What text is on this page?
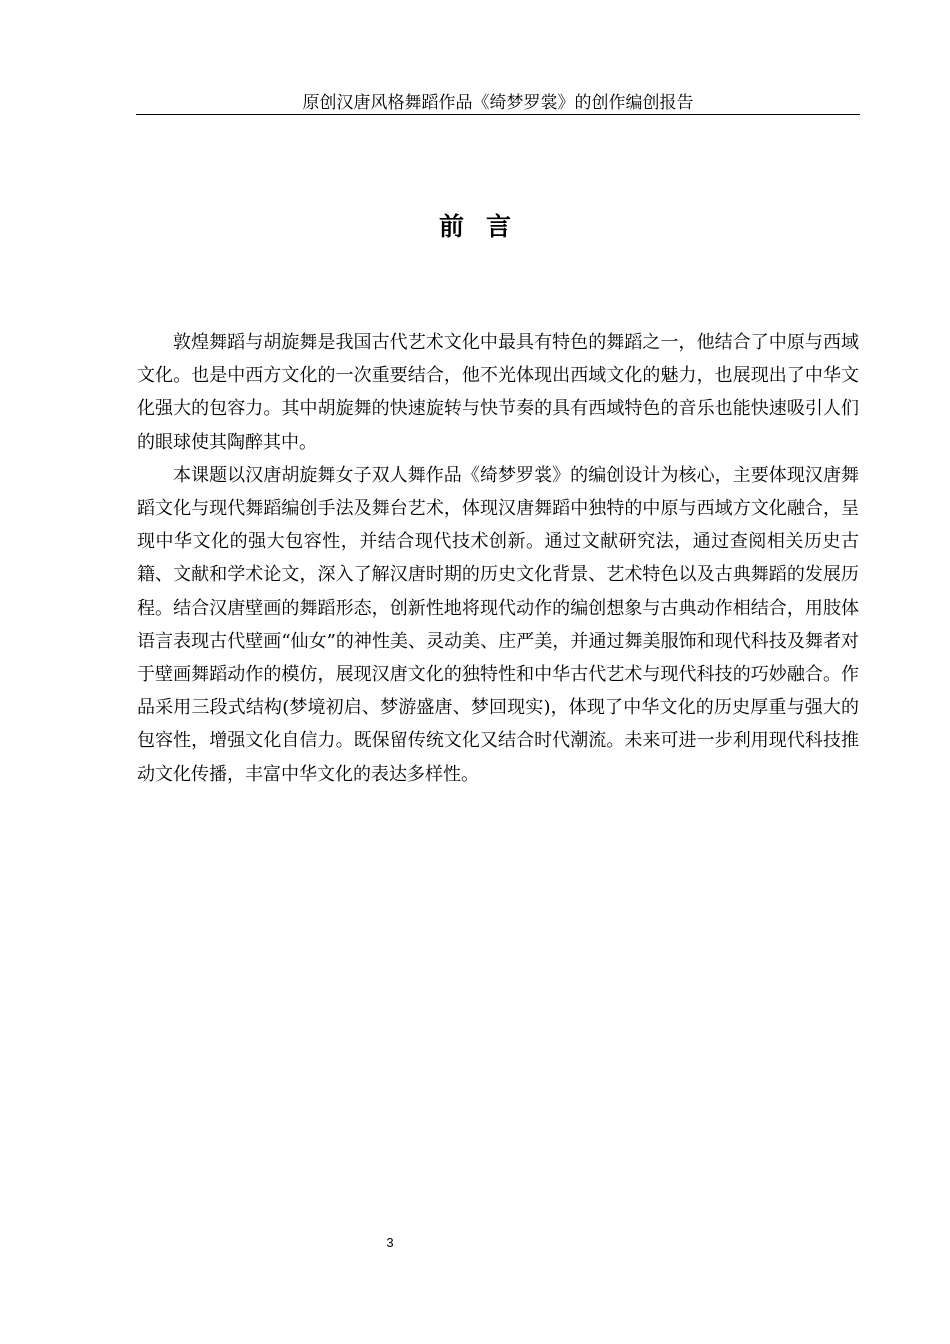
原创汉唐风格舞蹈作品《绮梦罗裳》的创作编创报告
前言

敦煌舞蹈与胡旋舞是我国古代艺术文化中最具有特色的舞蹈之一，他结合了中原与西域文化。也是中西方文化的一次重要结合，他不光体现出西域文化的魅力，也展现出了中华文化强大的包容力。其中胡旋舞的快速旋转与快节奏的具有西域特色的音乐也能快速吸引人们的眼球使其陶醉其中。

本课题以汉唐胡旋舞女子双人舞作品《绮梦罗裳》的编创设计为核心，主要体现汉唐舞蹈文化与现代舞蹈编创手法及舞台艺术，体现汉唐舞蹈中独特的中原与西域方文化融合，呈现中华文化的强大包容性，并结合现代技术创新。通过文献研究法，通过查阅相关历史古籍、文献和学术论文，深入了解汉唐时期的历史文化背景、艺术特色以及古典舞蹈的发展历程。结合汉唐壁画的舞蹈形态，创新性地将现代动作的编创想象与古典动作相结合，用肢体语言表现古代壁画“仙女”的神性美、灵动美、庄严美，并通过舞美服饰和现代科技及舞者对于壁画舞蹈动作的模仿，展现汉唐文化的独特性和中华古代艺术与现代科技的巧妙融合。作品采用三段式结构(梦境初启、梦游盛唐、梦回现实)，体现了中华文化的历史厚重与强大的包容性，增强文化自信力。既保留传统文化又结合时代潮流。未来可进一步利用现代科技推动文化传播，丰富中华文化的表达多样性。

3
